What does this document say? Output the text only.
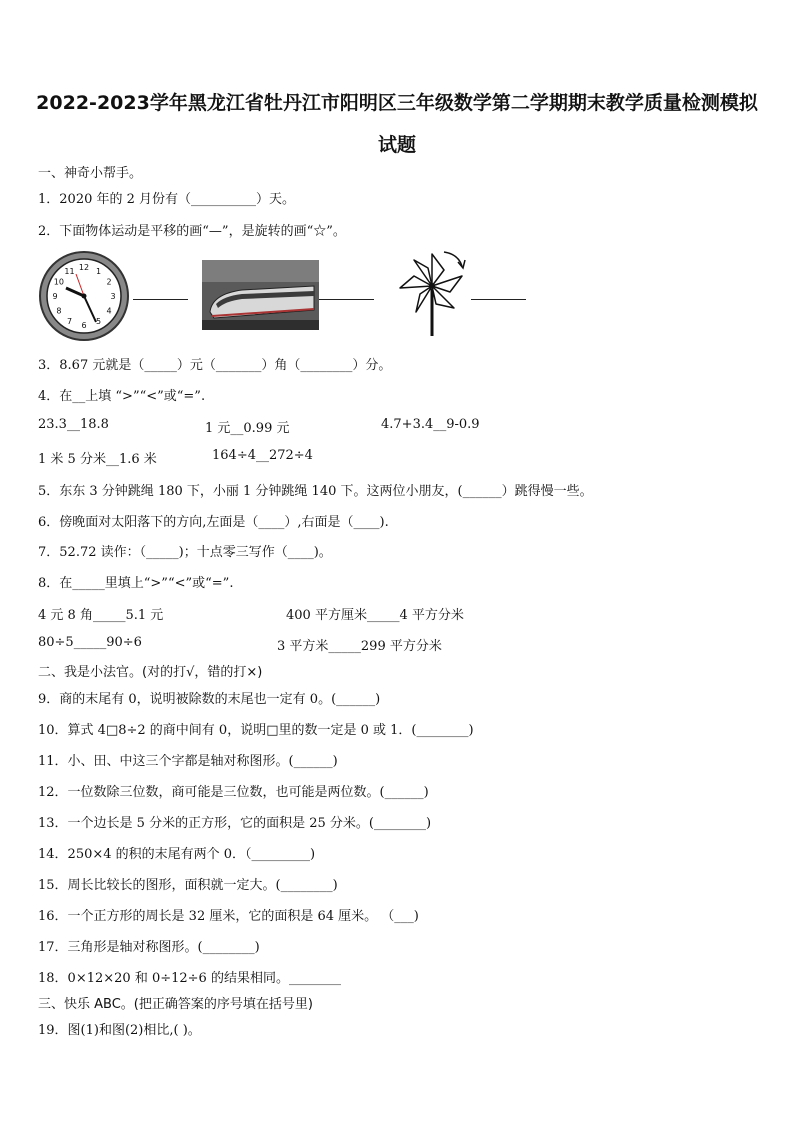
2022-2023学年黑龙江省牡丹江市阳明区三年级数学第二学期期末教学质量检测模拟
试题
一、神奇小帮手。
1．2020 年的 2 月份有（__________）天。
2．下面物体运动是平移的画“—”，是旋转的画“☆”。
12 1
2
3
4
5
6
7
8
9
10
11
3．8.67 元就是（_____）元（_______）角（________）分。
4．在__上填 “>”“<”或“=”.
23.3__18.8	1 元__0.99 元	4.7+3.4__9-0.9
1 米 5 分米__1.6 米	164÷4__272÷4
5．东东 3 分钟跳绳 180 下，小丽 1 分钟跳绳 140 下。这两位小朋友，(______）跳得慢一些。
6．傍晚面对太阳落下的方向,左面是（____）,右面是（____).
7．52.72 读作：（_____)；十点零三写作（____)。
8．在_____里填上“>”“<”或“=”.
4 元 8 角_____5.1 元	400 平方厘米_____4 平方分米
80÷5_____90÷6	3 平方米_____299 平方分米
二、我是小法官。(对的打√，错的打×)
9．商的末尾有 0，说明被除数的末尾也一定有 0。(______)
10．算式 4□8÷2 的商中间有 0，说明□里的数一定是 0 或 1．(________)
11．小、田、中这三个字都是轴对称图形。(______)
12．一位数除三位数，商可能是三位数，也可能是两位数。(______)
13．一个边长是 5 分米的正方形，它的面积是 25 分米。(________)
14．250×4 的积的末尾有两个 0．（_________)
15．周长比较长的图形，面积就一定大。(________)
16．一个正方形的周长是 32 厘米，它的面积是 64 厘米。 （___)
17．三角形是轴对称图形。(________)
18．0×12×20 和 0÷12÷6 的结果相同。________
三、快乐 ABC。(把正确答案的序号填在括号里)
19．图(1)和图(2)相比,( )。
